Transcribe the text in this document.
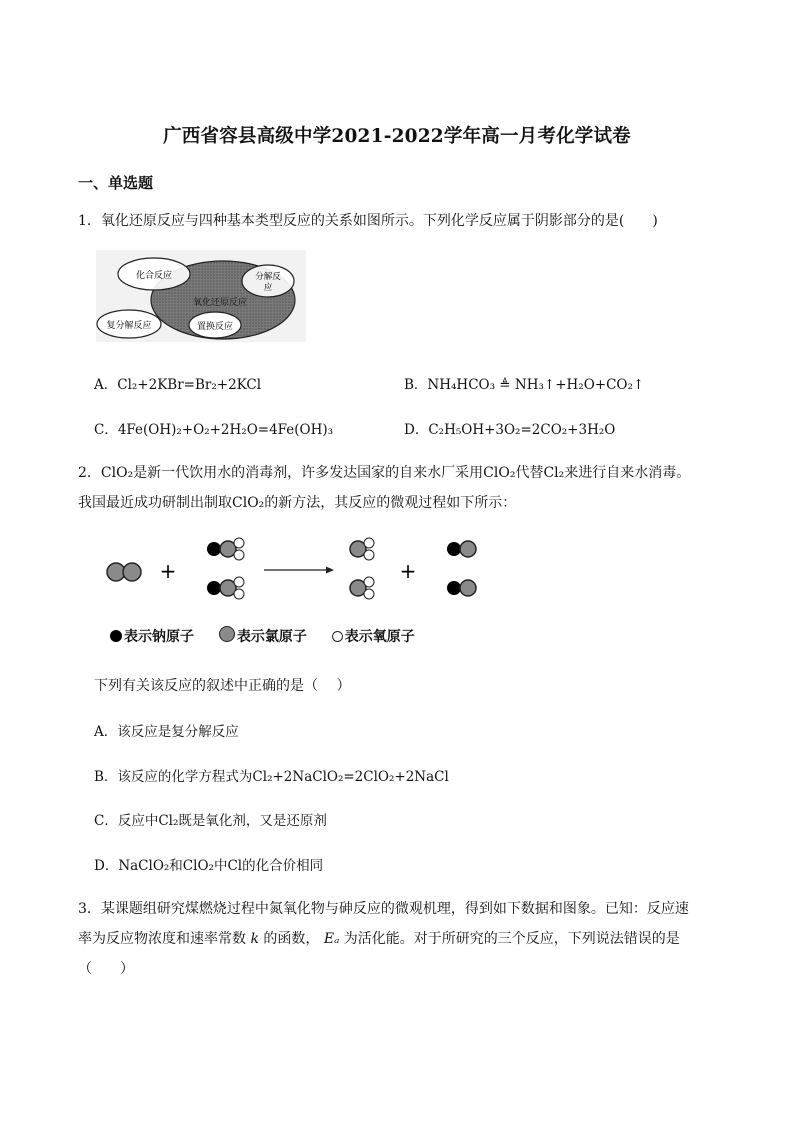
广西省容县高级中学2021-2022学年高一月考化学试卷
一、单选题
1．氧化还原反应与四种基本类型反应的关系如图所示。下列化学反应属于阴影部分的是(　　)
化合反应	分解反
应
氧化还原反应
复分解反应	置换反应
A．Cl₂+2KBr=Br₂+2KCl	B．NH₄HCO₃ ≜ NH₃↑+H₂O+CO₂↑
C．4Fe(OH)₂+O₂+2H₂O=4Fe(OH)₃	D．C₂H₅OH+3O₂=2CO₂+3H₂O
2．ClO₂是新一代饮用水的消毒剂，许多发达国家的自来水厂采用ClO₂代替Cl₂来进行自来水消毒。
我国最近成功研制出制取ClO₂的新方法，其反应的微观过程如下所示：
+	+
表示钠原子	表示氯原子	表示氧原子
下列有关该反应的叙述中正确的是（　 ）
A．该反应是复分解反应
B．该反应的化学方程式为Cl₂+2NaClO₂=2ClO₂+2NaCl
C．反应中Cl₂既是氧化剂，又是还原剂
D．NaClO₂和ClO₂中Cl的化合价相同
3．某课题组研究煤燃烧过程中氮氧化物与砷反应的微观机理，得到如下数据和图象。已知：反应速
率为反应物浓度和速率常数 k 的函数， Eₐ 为活化能。对于所研究的三个反应，下列说法错误的是
（　　）
